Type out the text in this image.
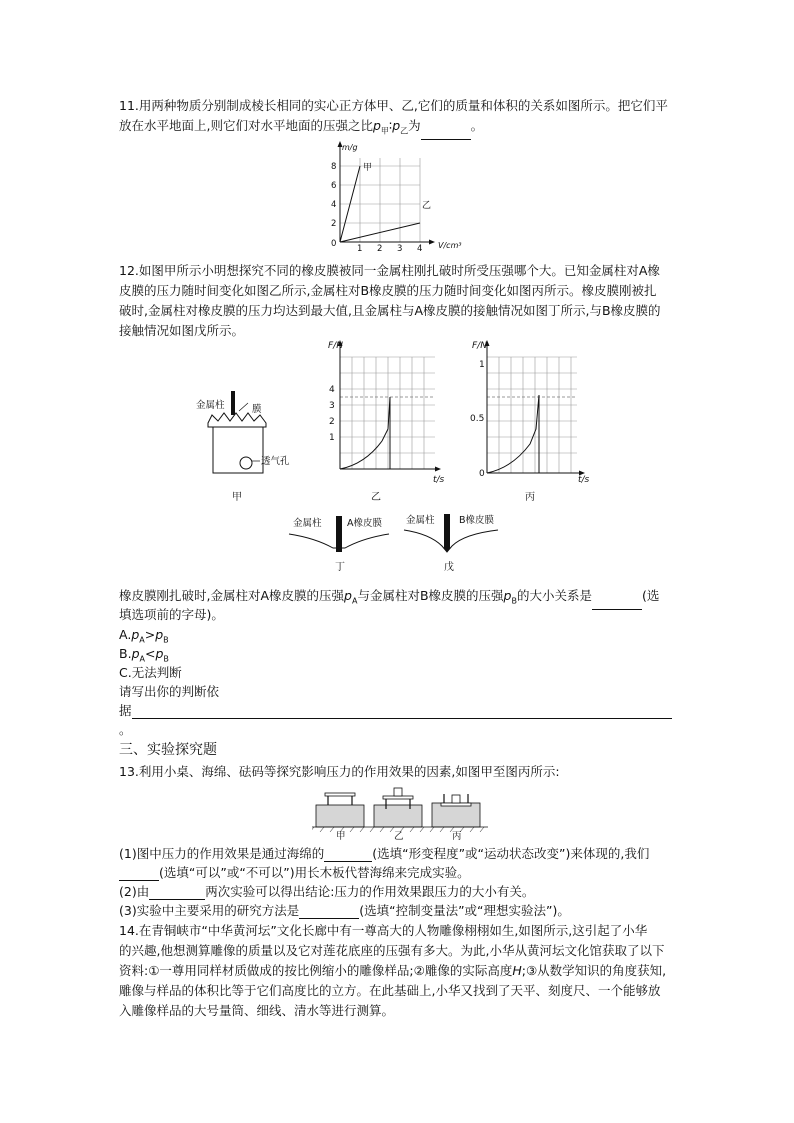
11.用两种物质分别制成棱长相同的实心正方体甲、乙,它们的质量和体积的关系如图所示。把它们平
放在水平地面上,则它们对水平地面的压强之比$p_甲∶p_乙$为	。
m/g
V/cm³
8
6
4
2
0 1 2 3 4
甲
乙
12.如图甲所示小明想探究不同的橡皮膜被同一金属柱刚扎破时所受压强哪个大。已知金属柱对A橡
皮膜的压力随时间变化如图乙所示,金属柱对B橡皮膜的压力随时间变化如图丙所示。橡皮膜刚被扎
破时,金属柱对橡皮膜的压力均达到最大值,且金属柱与A橡皮膜的接触情况如图丁所示,与B橡皮膜的
接触情况如图戊所示。
金属柱	膜
透气孔
甲
F/N
t/s
4
3
2
1
乙
F/N
t/s
1
0.5
0
丙
金属柱	A橡皮膜
丁
金属柱	B橡皮膜
戊
橡皮膜刚扎破时,金属柱对A橡皮膜的压强$p_A$与金属柱对B橡皮膜的压强$p_B$的大小关系是	(选
填选项前的字母)。
$A.p_A>p_B$
$B.p_A<p_B$
C.无法判断
请写出你的判断依
据
。
三、实验探究题
13.利用小桌、海绵、砝码等探究影响压力的作用效果的因素,如图甲至图丙所示:
甲	乙	丙
(1)图中压力的作用效果是通过海绵的	(选填“形变程度”或“运动状态改变”)来体现的,我们
(选填“可以”或“不可以”)用长木板代替海绵来完成实验。
(2)由	两次实验可以得出结论:压力的作用效果跟压力的大小有关。
(3)实验中主要采用的研究方法是	(选填“控制变量法”或“理想实验法”)。
14.在青铜峡市“中华黄河坛”文化长廊中有一尊高大的人物雕像栩栩如生,如图所示,这引起了小华
的兴趣,他想测算雕像的质量以及它对莲花底座的压强有多大。为此,小华从黄河坛文化馆获取了以下
资料:①一尊用同样材质做成的按比例缩小的雕像样品;②雕像的实际高度H;③从数学知识的角度获知,
雕像与样品的体积比等于它们高度比的立方。在此基础上,小华又找到了天平、刻度尺、一个能够放
入雕像样品的大号量筒、细线、清水等进行测算。
